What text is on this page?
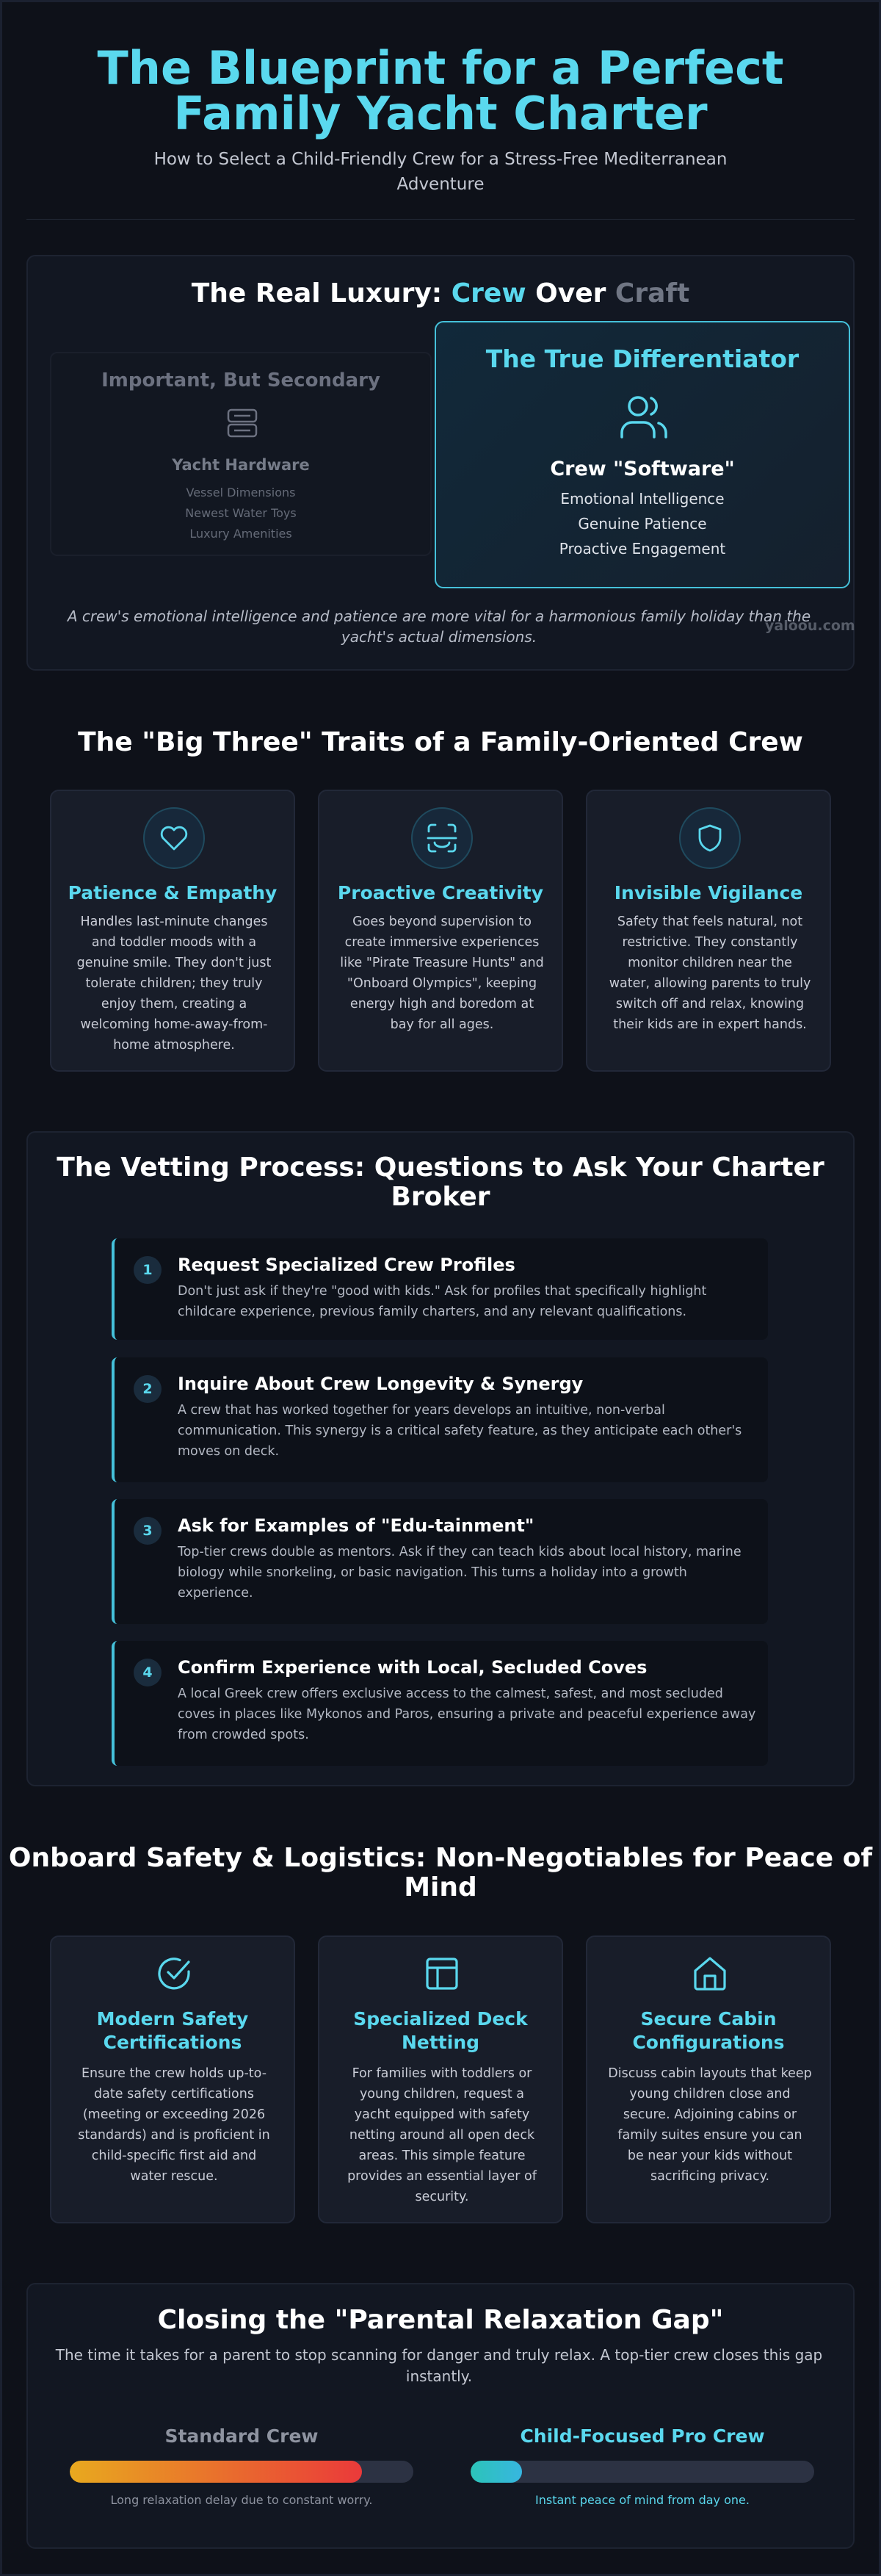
The Blueprint for a Perfect Family Yacht Charter

How to Select a Child-Friendly Crew for a Stress-Free Mediterranean Adventure

The Real Luxury: Crew Over Craft
Important, But Secondary
Yacht Hardware
Vessel Dimensions
Newest Water Toys
Luxury Amenities
The True Differentiator
Crew "Software"
Emotional Intelligence
Genuine Patience
Proactive Engagement
A crew's emotional intelligence and patience are more vital for a harmonious family holiday than the yacht's actual dimensions.
yaloou.com
The "Big Three" Traits of a Family-Oriented Crew
Patience & Empathy
Handles last-minute changes and toddler moods with a genuine smile. They don't just tolerate children; they truly enjoy them, creating a welcoming home-away-from-home atmosphere.
Proactive Creativity
Goes beyond supervision to create immersive experiences like "Pirate Treasure Hunts" and "Onboard Olympics", keeping energy high and boredom at bay for all ages.
Invisible Vigilance
Safety that feels natural, not restrictive. They constantly monitor children near the water, allowing parents to truly switch off and relax, knowing their kids are in expert hands.
The Vetting Process: Questions to Ask Your Charter Broker
1	Request Specialized Crew Profiles
Don't just ask if they're "good with kids." Ask for profiles that specifically highlight childcare experience, previous family charters, and any relevant qualifications.
2	Inquire About Crew Longevity & Synergy
A crew that has worked together for years develops an intuitive, non-verbal communication. This synergy is a critical safety feature, as they anticipate each other's moves on deck.
3	Ask for Examples of "Edu-tainment"
Top-tier crews double as mentors. Ask if they can teach kids about local history, marine biology while snorkeling, or basic navigation. This turns a holiday into a growth experience.
4	Confirm Experience with Local, Secluded Coves
A local Greek crew offers exclusive access to the calmest, safest, and most secluded coves in places like Mykonos and Paros, ensuring a private and peaceful experience away from crowded spots.
Onboard Safety & Logistics: Non-Negotiables for Peace of Mind
Modern Safety Certifications
Ensure the crew holds up-to-date safety certifications (meeting or exceeding 2026 standards) and is proficient in child-specific first aid and water rescue.
Specialized Deck Netting
For families with toddlers or young children, request a yacht equipped with safety netting around all open deck areas. This simple feature provides an essential layer of security.
Secure Cabin Configurations
Discuss cabin layouts that keep young children close and secure. Adjoining cabins or family suites ensure you can be near your kids without sacrificing privacy.
Closing the "Parental Relaxation Gap"
The time it takes for a parent to stop scanning for danger and truly relax. A top-tier crew closes this gap instantly.
Standard Crew
Long relaxation delay due to constant worry.
Child-Focused Pro Crew
Instant peace of mind from day one.
